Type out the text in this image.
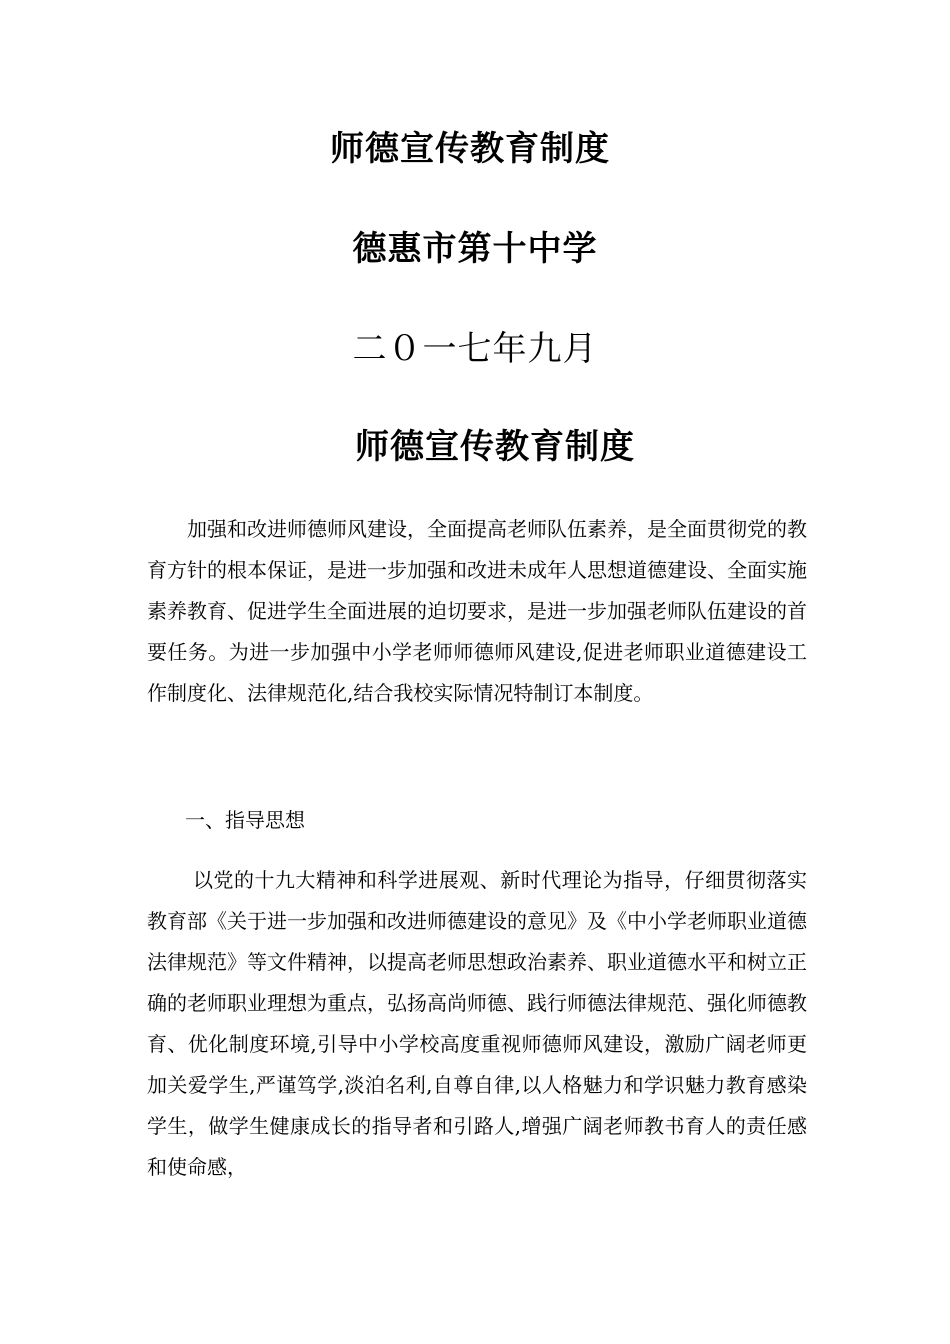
师德宣传教育制度
德惠市第十中学
二０一七年九月
师德宣传教育制度
加强和改进师德师风建设，全面提高老师队伍素养，是全面贯彻党的教育方针的根本保证，是进一步加强和改进未成年人思想道德建设、全面实施素养教育、促进学生全面进展的迫切要求，是进一步加强老师队伍建设的首要任务。为进一步加强中小学老师师德师风建设,促进老师职业道德建设工作制度化、法律规范化,结合我校实际情况特制订本制度。
一、指导思想
以党的十九大精神和科学进展观、新时代理论为指导，仔细贯彻落实教育部《关于进一步加强和改进师德建设的意见》及《中小学老师职业道德法律规范》等文件精神，以提高老师思想政治素养、职业道德水平和树立正确的老师职业理想为重点，弘扬高尚师德、践行师德法律规范、强化师德教育、优化制度环境,引导中小学校高度重视师德师风建设，激励广阔老师更加关爱学生,严谨笃学,淡泊名利,自尊自律,以人格魅力和学识魅力教育感染学生，做学生健康成长的指导者和引路人,增强广阔老师教书育人的责任感和使命感，
